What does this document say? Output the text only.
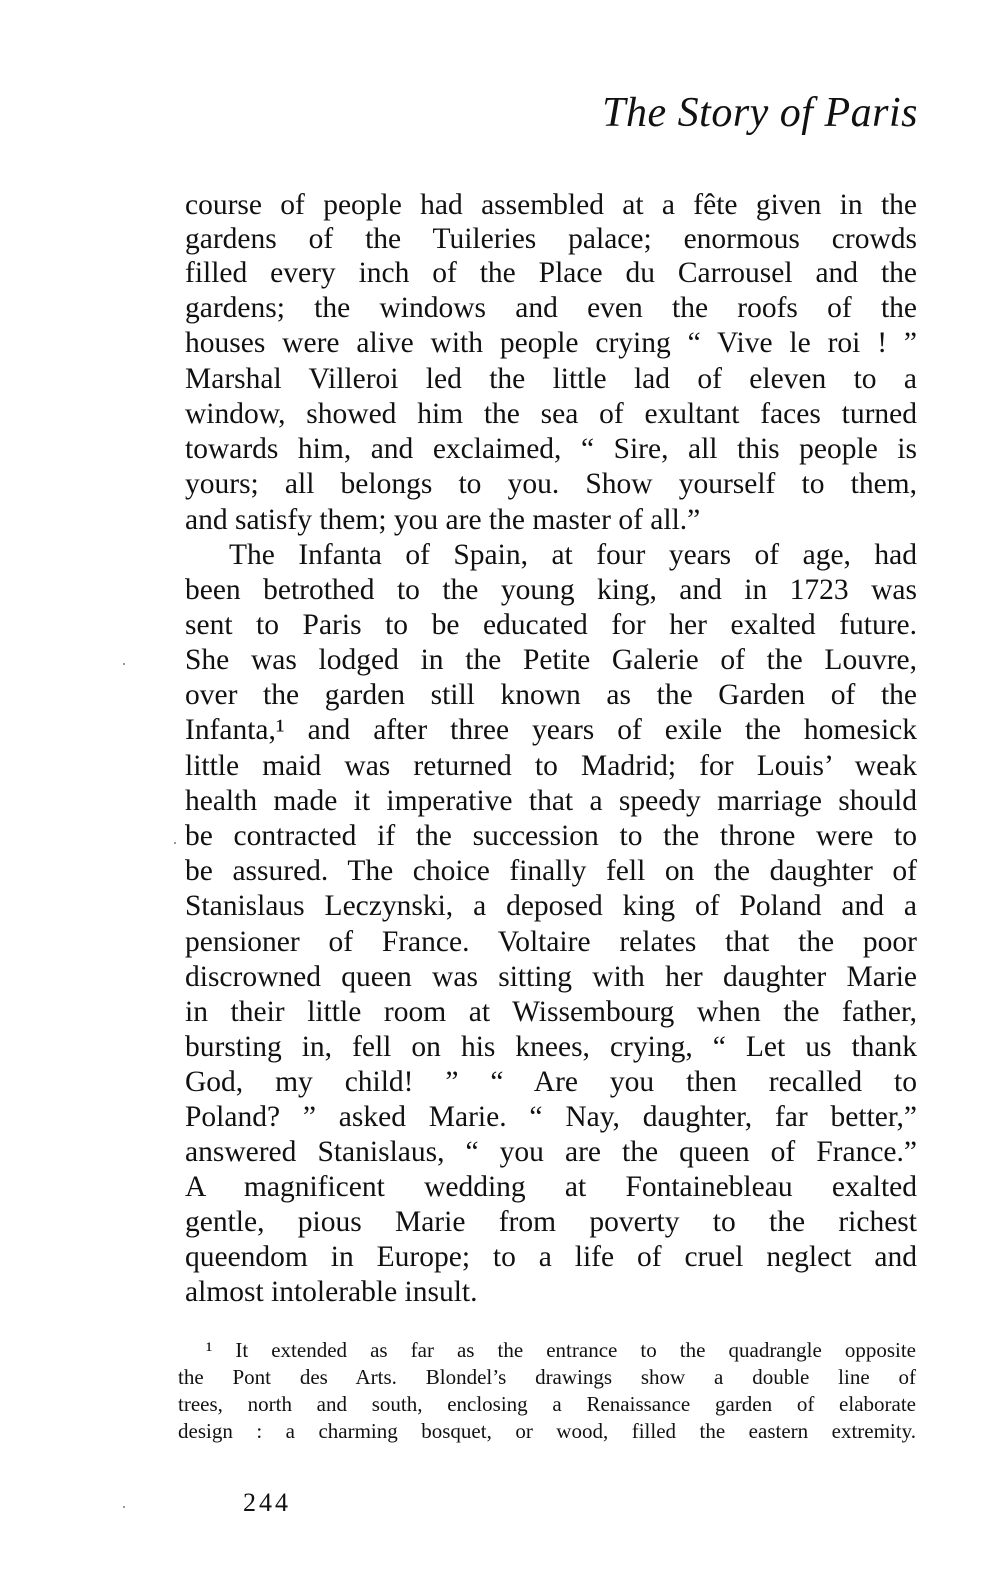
The Story of Paris
course of people had assembled at a fête given in the
gardens of the Tuileries palace; enormous crowds
filled every inch of the Place du Carrousel and the
gardens; the windows and even the roofs of the
houses were alive with people crying “ Vive le roi ! ”
Marshal Villeroi led the little lad of eleven to a
window, showed him the sea of exultant faces turned
towards him, and exclaimed, “ Sire, all this people is
yours; all belongs to you. Show yourself to them,
and satisfy them; you are the master of all.”
The Infanta of Spain, at four years of age, had
been betrothed to the young king, and in 1723 was
sent to Paris to be educated for her exalted future.
She was lodged in the Petite Galerie of the Louvre,
over the garden still known as the Garden of the
Infanta,¹ and after three years of exile the homesick
little maid was returned to Madrid; for Louis’ weak
health made it imperative that a speedy marriage should
be contracted if the succession to the throne were to
be assured. The choice finally fell on the daughter of
Stanislaus Leczynski, a deposed king of Poland and a
pensioner of France. Voltaire relates that the poor
discrowned queen was sitting with her daughter Marie
in their little room at Wissembourg when the father,
bursting in, fell on his knees, crying, “ Let us thank
God, my child! ” “ Are you then recalled to
Poland? ” asked Marie. “ Nay, daughter, far better,”
answered Stanislaus, “ you are the queen of France.”
A magnificent wedding at Fontainebleau exalted
gentle, pious Marie from poverty to the richest
queendom in Europe; to a life of cruel neglect and
almost intolerable insult.
¹ It extended as far as the entrance to the quadrangle opposite
the Pont des Arts. Blondel’s drawings show a double line of
trees, north and south, enclosing a Renaissance garden of elaborate
design : a charming bosquet, or wood, filled the eastern extremity.
244
